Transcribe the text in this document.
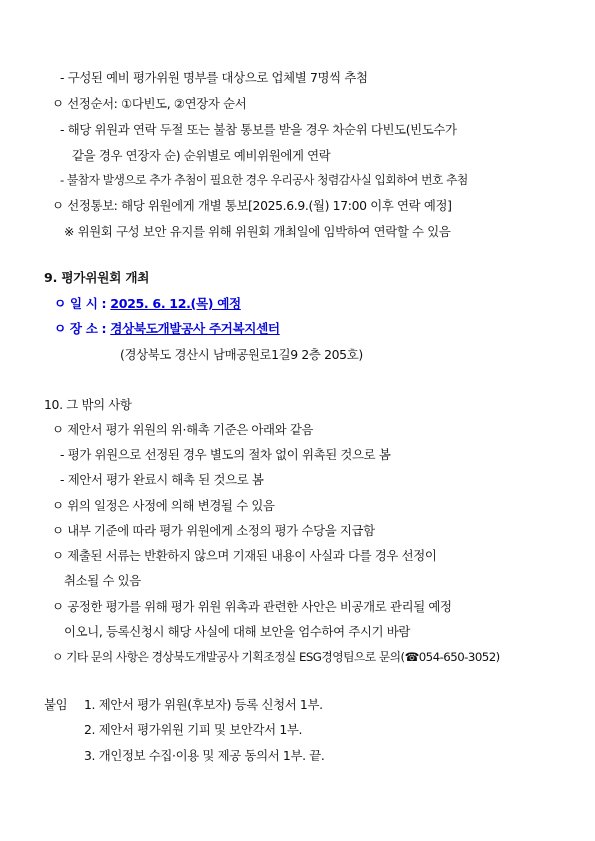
- 구성된 예비 평가위원 명부를 대상으로 업체별 7명씩 추첨
ㅇ 선정순서: ①다빈도, ②연장자 순서
- 해당 위원과 연락 두절 또는 불참 통보를 받을 경우 차순위 다빈도(빈도수가
같을 경우 연장자 순) 순위별로 예비위원에게 연락
- 불참자 발생으로 추가 추첨이 필요한 경우 우리공사 청렴감사실 입회하여 번호 추첨
ㅇ 선정통보: 해당 위원에게 개별 통보[2025.6.9.(월) 17:00 이후 연락 예정]
※ 위원회 구성 보안 유지를 위해 위원회 개최일에 임박하여 연락할 수 있음
9. 평가위원회 개최
ㅇ 일 시 : 2025. 6. 12.(목) 예정
ㅇ 장 소 : 경상북도개발공사 주거복지센터
(경상북도 경산시 남매공원로1길9 2층 205호)
10. 그 밖의 사항
ㅇ 제안서 평가 위원의 위·해촉 기준은 아래와 같음
- 평가 위원으로 선정된 경우 별도의 절차 없이 위촉된 것으로 봄
- 제안서 평가 완료시 해촉 된 것으로 봄
ㅇ 위의 일정은 사정에 의해 변경될 수 있음
ㅇ 내부 기준에 따라 평가 위원에게 소정의 평가 수당을 지급함
ㅇ 제출된 서류는 반환하지 않으며 기재된 내용이 사실과 다를 경우 선정이
취소될 수 있음
ㅇ 공정한 평가를 위해 평가 위원 위촉과 관련한 사안은 비공개로 관리될 예정
이오니, 등록신청시 해당 사실에 대해 보안을 엄수하여 주시기 바람
ㅇ 기타 문의 사항은 경상북도개발공사 기획조정실 ESG경영팀으로 문의(☎054-650-3052)
붙임 1. 제안서 평가 위원(후보자) 등록 신청서 1부.
2. 제안서 평가위원 기피 및 보안각서 1부.
3. 개인정보 수집·이용 및 제공 동의서 1부. 끝.
